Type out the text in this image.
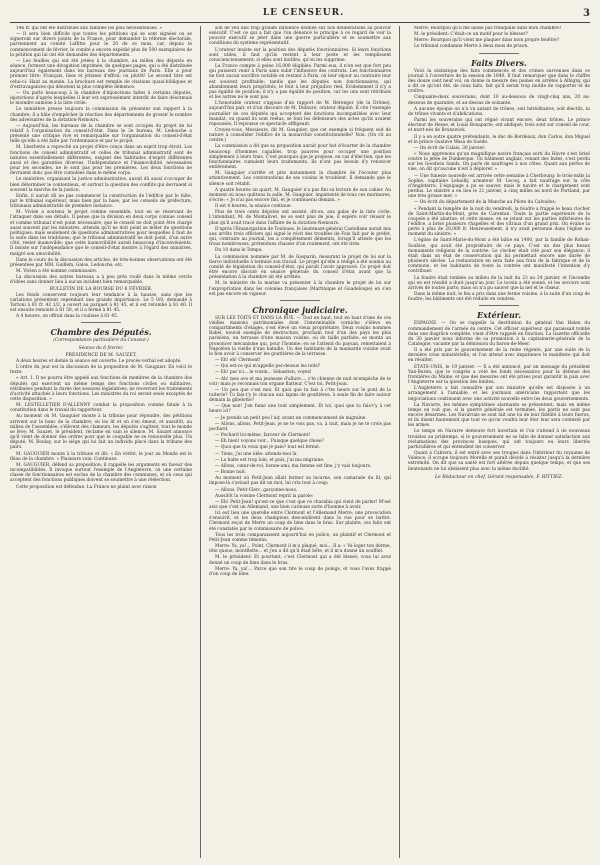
LE CENSEUR.	3

146 fr. qui ont été distribués aux familles les plus nécessiteuses. »

— Il sera bien difficile que toutes les pétitions qui se sont signées ou se signeront sur divers points de la France, pour demander la réforme électorale, parviennent au comité Laffitte pour le 20 de ce mois, car, depuis le commencement de février, le comité a encore expédié plus de 500 exemplaires de la pétition qui lui ont été demandés des départements.

— Les feuilles qui ont été jetées à la chambre, au milieu des députés en séance, forment une divagation imprimée, de quelques pages, qui a été distribuée aujourd'hui également dans les bureaux des journaux de Paris. Elle a pour premier titre: Français, lisez et jetissez d'effroi; ou plutôt! Le second titre est celui-ci: Haut au monde. La brochure est remplie de citations quasi-bibliques et d'extravagances qui dénotent la plus complète démence.

— On parle beaucoup à la chambre d'injonctions faites à certains députés, injonctions d'après lesquelles il leur est expressément interdit de faire désormais le moindre aumône à la liste civile.

Le ministère presse toujours la commission de présenter son rapport à la chambre; il a hâte d'empêcher la réaction des départements de grossir le nombre des adversaires de la dotation-Nemours.

— Aujourd'hui, les bureaux de la chambre se sont occupés du projet de loi relatif à l'organisation du conseil-d'état. Dans le 3e bureau, M. Ledouche a présenté une critique vive et remarquable sur l'organisation du conseil-d'état telle qu'elle a été faite par l'ordonnance et par le projet.

M. Lherbette a reproché au projet d'être conçu dans un esprit trop étroit. Les fonctions de conseil administratif et celles de tribunal administratif sont de natures essentiellement différentes, exigent des habitudes d'esprit différentes aussi et des garanties diverses, l'indépendance et l'inamovibilité, nécessaires pour les secondes, ne le sont pas pour les premières. Les deux fonctions ne devraient donc pas être cumulées dans le même corps.

Le ministère, organisant la justice administrative, aurait dû aussi s'occuper de bien déterminer le contentieux, et surtout la question des conflits qui devraient si souvent la marche de la justice.

Enfin, il aurait dû ne pas commencer la construction de l'édifice par le faîte, par le tribunal supérieur, mais bien par la base, par les conseils de préfecture, tribunaux administratifs de première instance.

M. Vivien a soutenu le projet comme ensemble, tout en se réservant de l'attaquer dans ses détails. Il pense que la division en deux corps connue conseil et comme tribunal n'est point nécessaire; que le conseil ne doit point être chargé aussi souvent par les ministres, attendu qu'il ne doit point se mêler de questions politiques; mais seulement de questions administratives pour lesquelles il faut de la suite dans les traditions; que le tribunal administratif ne doit point, d'un autre côté, rester inamovible; que cette inamovibilité aurait beaucoup d'inconvénients. Il insiste sur l'indépendance que le conseil-d'état montre à l'égard des ministres, malgré son amovibilité.

Dans le cours de la discussion des articles, de très-bonnes observations ont été présentées par MM. Guillem, Galos, Ledouche, etc.

M. Vivien a été nommé commissaire.

La discussion des autres bureaux a à peu près roulé dans le même cercle d'idées sans donner lieu à aucun incident bien remarquable.

BULLETIN DE LA BOURSE DU 6 FÉVRIER.

Les fonds conservent toujours leur tendance à la hausse, sans que les variations présentent cependant une grande importance. Le 5 0/0, demandé à Tortoni à 81 fr. 42 1/2, a ouvert au parquet à 81 45, et il est retombé à 81 40. Il est ensuite remonté à 81 50, et il a fermé à 81 45.

A 4 heures, on offrait dans la coulisse à 81 45.

Chambre des Députés.
(Correspondance particulière du Censeur.)
Séance du 6 février.
PRÉSIDENCE DE M. SAUZET.

A deux heures et demie la séance est ouverte. Le procès-verbal est adopté.

L'ordre du jour est la discussion de la proposition de M. Gauguier. En voici le texte:

« Art. 1. Il ne pourra être appelé aux fonctions de membres de la chambre des députés qui exercent un même temps des fonctions civiles ou militaires, rétribuées pendant la durée des sessions législatives, ne recevront les traitements d'activité attachés à leurs fonctions. Les ministres du roi seront seuls exceptés de cette disposition. »

M. LESTELLETIER D'ALLENNY combat la proposition comme fatale à la constitution dans le travail du rapporteur.

Au moment où M. Gauguier monte à la tribune pour répondre, des pétitions arrivent sur le banc de la chambre; on les lit et on s'en émeut, et aussitôt, au milieu de l'assemblée, s'élèvent des clameurs, les députés s'agitent, tout le monde se lève; M. Sauzet, le président, réclame en vain le silence. M. Sauzet annonce qu'il vient de donner des ordres pour que le coupable ne se renouvelle plus. Un député, M. Boulay, sur le siège qui lui fait un individu placé dans la tribune des pairs.

M. GAUGUIER monte à la tribune et dit: « En vérité, le jour au Monde est le fléau de la chambre. » Plusieurs voix: Continuez.

M. GAUGUIER, défend sa proposition; il rappelle les arguments en faveur des incompatibilités. Il invoque surtout l'exemple de l'Angleterre, où une certaine classe de fonctionnaires est exclue de la chambre des communes, et où ceux qui acceptent des fonctions publiques doivent se soumettre à une réélection.

Cette proposition est défendue. La France ne plaint avec raison

son de veil une trop grande influence donnée sur nos délibérations au pouvoir exécutif. C'est ce qui a fait que l'on dénoncé le principe à ce regard de voir la pouvoir exécutif se jeter dans une guerre particulière et se soumettre aux conditions du système représentatif.

L'orateur insiste sur la position des députés fonctionnaires. Si leurs fonctions sont utiles, il faut qu'ils restent à leur poste et les remplissent consciencieusement; si elles sont inutiles, qu'on les supprime.

La France compte à peine 16,000 éligibles. Parmi eux, il n'en est que fort peu qui puissent venir à Paris sans subir l'influence des contrats. Les fonctionnaires ne font aucun sacrifice notable en restant à Paris, où leur séjour au contraire leur est souvent profitable; tandis que les députés non fonctionnaires, qui abandonnent leurs propriétés, le font à leur préjudice réel. Évidemment il n'y a pas égalité de position; il n'y a pas égalité de position, car les uns sont rétribués et les autres ne le sont pas.

L'honorable orateur s'appuie d'un rapport de M. Bérenger (de la Drôme), aujourd'hui pair, et d'un discours de M. Dufaure, orateur député. Il cite l'exemple journalier de ces députés qui acceptent des fonctions incompatibles avec leur mandat, ou quand ils sont reélus, se font les défenseurs des actes qu'ils avaient repoussés. Il repousse ce spectacle affligeant.

Croyez-vous, Messieurs, dit M. Gauguier, que cet exemple si fréquent soit de nature à consolider l'édifice de la monarchie constitutionnelle? Non. (On rit au centre.)

La commission a dit que sa proposition aurait pour but d'écarter de la chambre beaucoup d'hommes capables, trop pauvres pour occuper une position simplement à leurs frais. C'est pourquoi que je propose, en cas d'élection, que les fonctionnaires cumulent leurs traitements. Ils n'ont pas besoin d'y renoncer entièrement.

M. Gauguier s'arrête et prie instamment la chambre de l'écouter plus attentivement. Les conversations de ses voisins le troublent. Il demande que le silence soit rétabli.

A quatre heures un quart, M. Gauguier n'a pas fini sa lecture de son cahier. Au moment où nous quittons la salle, M. Gauguier, impatienté de tous ces murmures, s'écrie: « Je n'ai pas encore fini, et je continuerai demain. »

Il est 4 heures, la séance continue.

Plus de trois cents députés ont assisté, dit-on, aux galas de la liste civile. L'intendant, M. de Montalivet, ne se sent plus de joie, il espère voir réussir le plan qu'il avait tracé dans l'affaire de la dotation-Nemours.

D'après l'Émancipation de Toulouse, le lieutenant-général Castellane aurait mis aux arrêts trois officiers qui signé le récit des troubles de Foix fait par le préfet, qui, contraire au journal, les a complètement démentis, lorsqu'il atteste que les trous nombreuses, prétendues chasser d'un roulement, ont été tirés.

Du 10 dans le Temps:

La commission nommée par M. de Gasparin, mesurant le projet de loi sur la tierce individuelle à terminé son travail. Le projet qu'elle a rédigé a été soumis au comité de législation du conseil-d'état, qui paraît l'avoir approuvé. Ce projet doit être encore discuté en séance générale du conseil d'état avant que la présentation à la chambre ait été arrêtée.

M. le ministre de la marine va présenter à la chambre le projet de loi sur l'expropriation dans les colonies françaises (Martinique et Guadeloupe) en s'en est pas encore en vigueur.

Chronique judiciaire.

SUR LES TOITS ET DANS LA RUE. — Tout en haut, tout en haut d'une de ces vieilles maisons patrimoniales dont l'interminable corniche s'élève en compartiments d'étages, s'est élevé un vieux propriétaire. Deux voisins nommés Babel, nouvel exemple de destruction, prochain tour d'un des pays les plus parisiens, un terrasse d'une maison voisine, où de taille parfaite, se monta un prononcer mécanisme qui, pour l'homme, en se l'attend du paysan, remettaient à Napoléon la vieille d'une bataille. Un des habitants de la mansarde voisine avait le bon avoir à conserver les gouttières de la terrasse.

— Eh! eh! Clermont!

— Qui est-ce qui m'appelle par-dessus les toits?

— Eh! par ici... le voisin... Sébastien, voyez!

— Ah! mes ave et ma jeunesse d'allure..., c'te chienne de nuit m'empêche de te voir; mais je reconnais ton organe flatteur. C'est toi, Petit-Jean.

— Un peu que c'est moi. Et quoi que tu fais à c'tte heure sur le pont de la tuiterie? Tu fais-t'y le chacun aux lapins de gouttières, à seule fin de faire autour demain la gibelotte?

— Que non! J'en fume une tout simplement. Et toi, quoi que tu fais-t'y à cet heure ici?

— Je prends un petit peu l'air, avant un commencement de migraine.

— Allons, allons, Petit-Jean, je ne te vois pas, va, à nuit, mais je ne te crois pas pochard.

— Pochard toi-même, farceur de Clermont!

— Eh bien! voyons voir... Puisque quelque chose?

— Quoi que tu veux que je paie? tout est fermé.

— Tiens, j'ai une idée: attends-moi là.

— La halte est trop loin, et puis, j'ai ma migraine.

— Allons, cœur-de-roi, bonne-ami; ma femme est fine, j'y vais toujours.

— Bonne nuit.

Au moment où Petit-Jean allait fermer sa lucarne, son camarade du lit, qui impose-là s'avisait pas dit un mot, lui cria tout à coup:

— Allons, Petit-Clerc, garçonne-nous.

Aussitôt la voisine Clermont reprit la parole:

— Eh! Petit-Jean! qu'est-ce que c'est que ce charabia qui vient de parler! M'est avis que c'est un Allemand, une bien curieuse sorte d'homme à avoir.

Ici eut lieu une querelle entre Clermont et l'Allemand Merre; une provocation s'ensuivit, et les deux champions descendirent dans la rue pour se battre. Clermont reçut de Merre un coup de lime dans le bras. Sur plainte, ces faits ont été constatés par le commissaire de police.

Tous les trois comparaissent aujourd'hui en police, un plaintif et Clermont et Petit-Jean comme témoins.

Merre: Ya, ya!... Point, Clermont il m'a plaqué, moi... Il a: « Va loger ton derme, tête queue, montflette... et j'en a dit qu'il était bête, et il m'a donné un soufflet.

M. le président: Et pourtant, c'est Clermont qui a été blessé; vous lui avez donné un coup de lime dans le bras.

Merre: Ya, ya!... Parce que son tire le coup de poings, et vous l'avez frappé d'un coup de lime.

Merre: Bourquoi qu'il me laisse pas tranquille dans mon chambre?

M. le président: C'était-ce un motif pour le blesser?

Merre: Bourquoi qu'il vient me plaquer dans mon propre fenêtre?

Le tribunal condamne Merre à deux mois de prison.

Faits Divers.

Voici la statistique des faits commencés et des crimes survenues dans ce journal à l'ouverture de la session de 1840. Il faut remarquer que dans le chiffre des douze cent neuf vol, on donne la mesure des peines en arrêtés à Albigny, qui a dit ce qu'ont été, de ceux faits, fait qu'il serait trop inutile de rapporter et de croître.

Cinquante-deux souverains, dont 10 au-dessous de vingt-cinq ans, 20 au-dessous de quarante, et au-dessus de soixante.

A aucune époque on n'a vu autant de trônes, soit héréditaires, soit électifs, ni de trônes vivants et d'abdications.

Parmi les souverains qui ont régné vivant encore, deux trônes. Le prince électeur de Hesse, et Louis Bonaparte, ont abdiqué; trois sont sur conseil de cour, et mort-nés de Brunswick.

Il y a en outre quatre prétendants, le duc de Bordeaux, don Carlos, don Miguel et le prince Gustave Wasa de Suède.

— On écrit de Calais, 30 janvier:

« Nous apprenons qu'un magnifique navire français sorti du Havre s'est brisé contre la jetée de Dunkerque. Un bâtiment anglais, venant des Indes, s'est perdu sur les Goodwin Sands. On parle de naufrages à nos côtes. Quant aux pertes de vies, on dit qu'aucune n'est à déplorer. »

— Une funeste nouvelle est arrivée cette semaine à Cherbourg: le trois-mâts la Sophie, capitaine Lebailly, armateur M. Lecoq, a fait naufrage sur la côte d'Angleterre. L'équipage a pu se sauver, mais le navire et le chargement sont perdus. Le sinistre a eu lieu le 21 janvier, à cinq milles au nord de Portland, par une très grosse mer. »

— On écrit du département de la Manche au Pilote du Calvados:

« Pendant la tempête de la nuit du vendredi, la foudre a frappé le beau clocher de Saint-Martin-du-Mont, près de Carentan. Toute la partie supérieure de la coupole a été abattue, et cette masse, en se jetant sur les parties inférieures de l'édifice, a brisé plusieurs chapelles et des vitraux d'un grand prix. On évalue la perte à plus de 20,000 fr. Heureusement, il n'y avait personne dans l'église au moment du sinistre. »

L'église de Saint-Marie-du-Mont a été bâtie en 1400, par la famille de Rohan-Soubise, qui avait été propriétaire de ce pays. C'est un des plus beaux monuments religieux de la contrée. Le clocher était cité pour son élégance; il était dans un état de conservation qui lui permettait encore une durée de plusieurs siècles. La restauration en sera faite aux frais de la fabrique et de la commune, et les habitants de toute la contrée ont manifesté l'intention d'y contribuer.

La foudre était tombée au milieu de la nuit du 23 au 24 janvier, et l'incendie qui en est résulté a duré jusqu'au jour. Le tocsin a été sonné, et les secours sont arrivés de toutes parts; mais on n'a pu sauver que la nef et le chœur.

Dans la même nuit, le feu a pris dans une ferme voisine, à la suite d'un coup de foudre; les bâtiments ont été réduits en cendres.

Extérieur.

ESPAGNE. — On se rappelle la destitution du général Van Halen du commandement de l'armée du centre. Cet officier supérieur, qui paraissait tombé dans une disgrâce complète, vient d'être rappelé en fonction. La Gazette officielle du 30 janvier nous informe de sa promotion à la capitainerie-générale de la Catalogne, vacante par la démission du baron-de-Meer.

Il a été pris par le gouvernement de la reine régente, par une suite de la dernière crise ministérielle, et l'on attend avec impatience le manifeste qui doit en résulter.

ÉTATS-UNIS, le 19 janvier. — Il a été annoncé, par un message du président Van-Buren, que le congrès a voté les fonds nécessaires pour la défense des frontières du Maine, et que des mesures ont été prises pour garantir la paix avec l'Angleterre sur la question des limites.

L'Angleterre a fait connaître par son ministre qu'elle est disposée à un arrangement à l'amiable, et les journaux américains rapportent que les négociations continuent avec une activité nouvelle entre les deux gouvernements.

La Navarre, les mêmes symptômes alarmants se présentent; mais en même temps on voit que, si la guerre générale est terminée, les partis ne sont pas encore désarmés. Les Navarrais se sont fait une loi de leur fidélité à leurs fueros, et ils disent hautement que tout ce qu'on voudra leur ôter leur sera contesté par les armes.

Le temps en Navarre demeure fort incertain et l'on s'attend à de nouveaux troubles au printemps, si le gouvernement ne se hâte de donner satisfaction aux réclamations des provinces basques, qui ont toujours eu leurs libertés particulières et qui entendent les conserver.

Quant à Cabrera, il est entré avec ses troupes dans l'intérieur du royaume de Valence; il occupe toujours Morella et paraît décidé à résister jusqu'à la dernière extrémité. On dit que sa santé est fort altérée depuis quelque temps, et que ses lieutenants ne lui obéissent plus avec la même docilité.

Le Rédacteur en chef, Gérant responsable, F. RITTIEZ.
